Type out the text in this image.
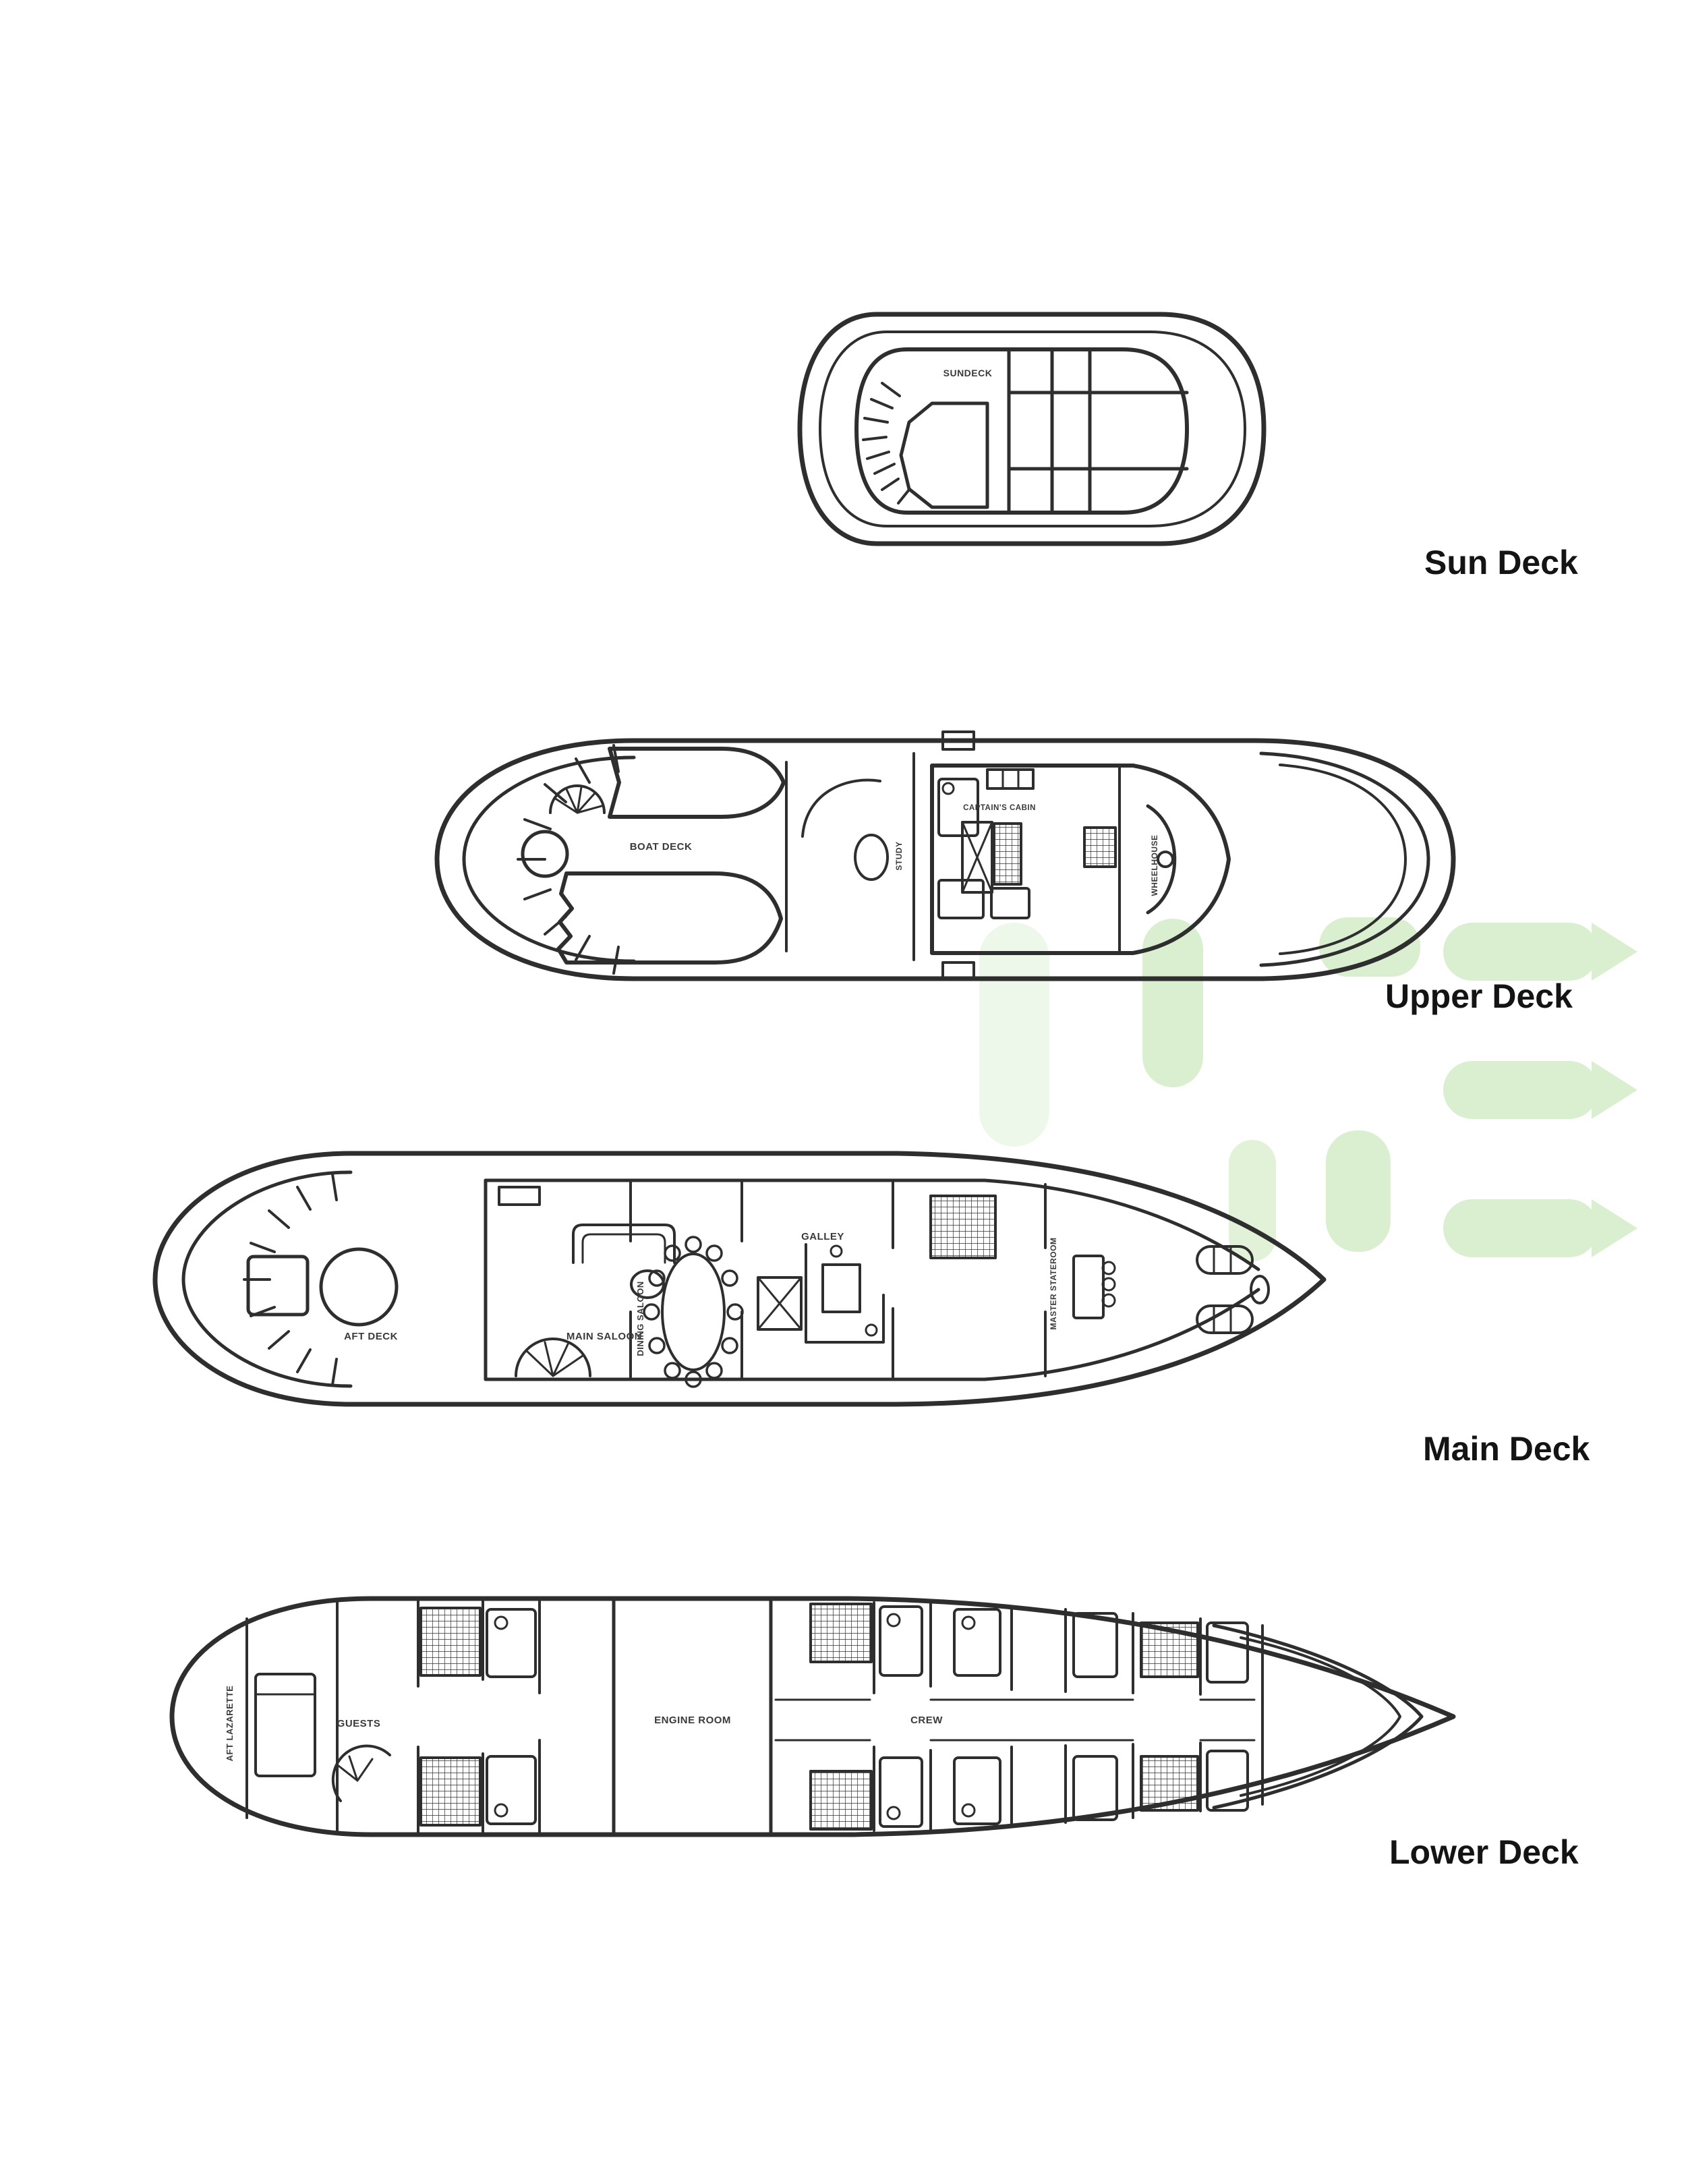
SUNDECK
Sun Deck
BOAT DECK
CAPTAIN'S CABIN
STUDY	WHEELHOUSE
Upper Deck
AFT DECK	MAIN SALOON
DINING SALOON
GALLEY
MASTER STATEROOM
Main Deck
AFT LAZARETTE	GUESTS	ENGINE ROOM	CREW
Lower Deck
